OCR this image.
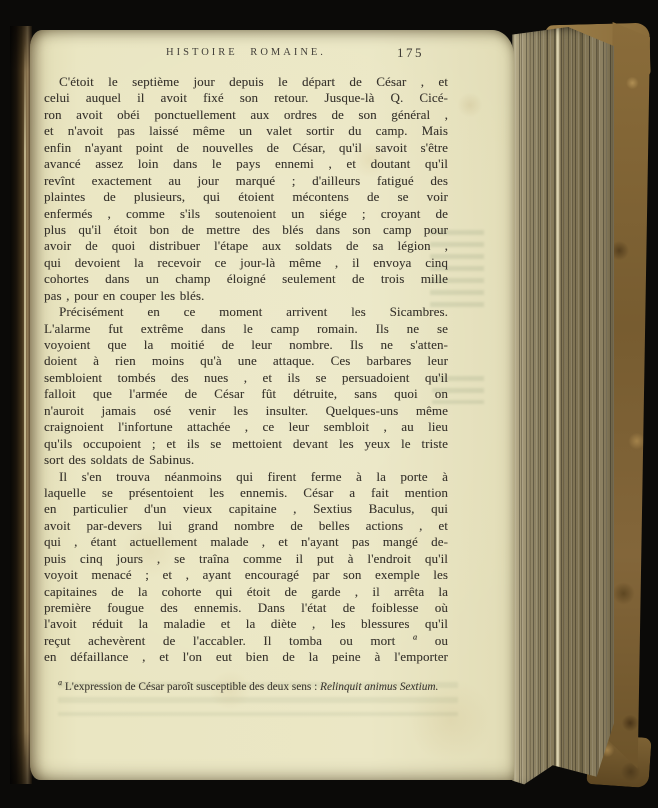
HISTOIRE ROMAINE.	175
C'étoit le septième jour depuis le départ de César , et
celui auquel il avoit fixé son retour. Jusque-là Q. Cicé-
ron avoit obéi ponctuellement aux ordres de son général ,
et n'avoit pas laissé même un valet sortir du camp. Mais
enfin n'ayant point de nouvelles de César, qu'il savoit s'être
avancé assez loin dans le pays ennemi , et doutant qu'il
revînt exactement au jour marqué ; d'ailleurs fatigué des
plaintes de plusieurs, qui étoient mécontens de se voir
enfermés , comme s'ils soutenoient un siége ; croyant de
plus qu'il étoit bon de mettre des blés dans son camp pour
avoir de quoi distribuer l'étape aux soldats de sa légion ,
qui devoient la recevoir ce jour-là même , il envoya cinq
cohortes dans un champ éloigné seulement de trois mille
pas , pour en couper les blés.
Précisément en ce moment arrivent les Sicambres.
L'alarme fut extrême dans le camp romain. Ils ne se
voyoient que la moitié de leur nombre. Ils ne s'atten-
doient à rien moins qu'à une attaque. Ces barbares leur
sembloient tombés des nues , et ils se persuadoient qu'il
falloit que l'armée de César fût détruite, sans quoi on
n'auroit jamais osé venir les insulter. Quelques-uns même
craignoient l'infortune attachée , ce leur sembloit , au lieu
qu'ils occupoient ; et ils se mettoient devant les yeux le triste
sort des soldats de Sabinus.
Il s'en trouva néanmoins qui firent ferme à la porte à
laquelle se présentoient les ennemis. César a fait mention
en particulier d'un vieux capitaine , Sextius Baculus, qui
avoit par-devers lui grand nombre de belles actions , et
qui , étant actuellement malade , et n'ayant pas mangé de-
puis cinq jours , se traîna comme il put à l'endroit qu'il
voyoit menacé ; et , ayant encouragé par son exemple les
capitaines de la cohorte qui étoit de garde , il arrêta la
première fougue des ennemis. Dans l'état de foiblesse où
l'avoit réduit la maladie et la diète , les blessures qu'il
reçut achevèrent de l'accabler. Il tomba ou mort $^a$ ou
en défaillance , et l'on eut bien de la peine à l'emporter
$^a$ L'expression de César paroît susceptible des deux sens : Relinquit animus Sextium.
